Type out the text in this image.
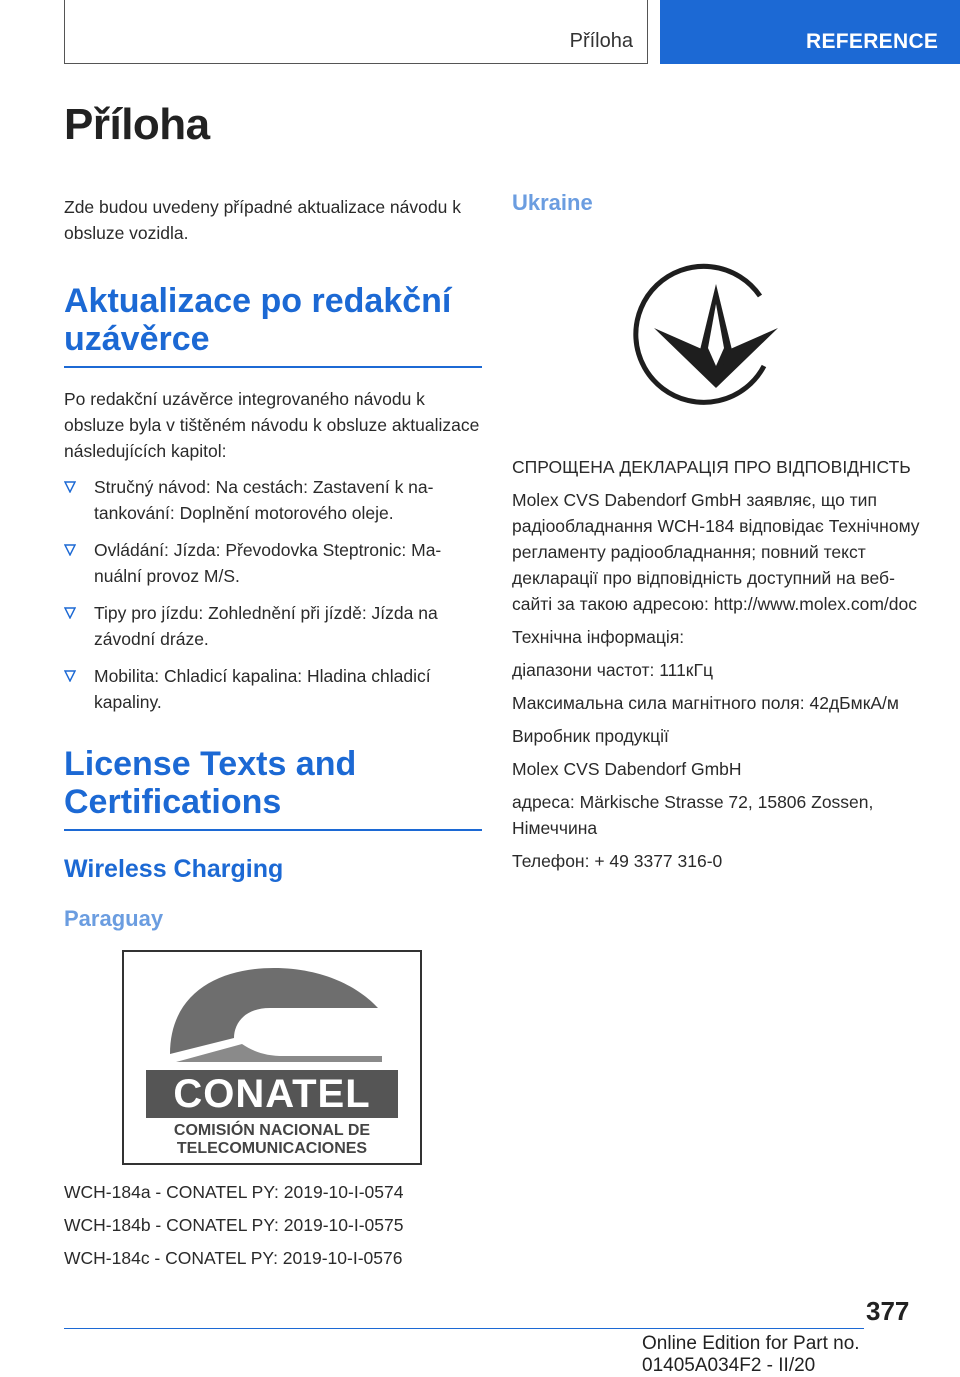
Příloha	REFERENCE
Příloha

Zde budou uvedeny případné aktualizace návodu k obsluze vozidla.

Aktualizace po redakční
uzávěrce

Po redakční uzávěrce integrovaného návodu k obsluze byla v tištěném návodu k obsluze aktualizace následujících kapitol:

Stručný návod: Na cestách: Zastavení k natankování: Doplnění motorového oleje.
Ovládání: Jízda: Převodovka Steptronic: Manuální provoz M/S.
Tipy pro jízdu: Zohlednění při jízdě: Jízda na závodní dráze.
Mobilita: Chladicí kapalina: Hladina chladicí kapaliny.
License Texts and
Certifications
Wireless Charging
Paraguay
CONATEL
COMISIÓN NACIONAL DE
TELECOMUNICACIONES

WCH-184a - CONATEL PY: 2019-10-I-0574

WCH-184b - CONATEL PY: 2019-10-I-0575

WCH-184c - CONATEL PY: 2019-10-I-0576

Ukraine

СПРОЩЕНА ДЕКЛАРАЦІЯ ПРО ВІДПОВІДНІСТЬ

Molex CVS Dabendorf GmbH заявляє, що тип радіообладнання WCH-184 відповідає Технічному регламенту радіообладнання; повний текст декларації про відповідність доступний на веб-сайті за такою адресою: http://www.molex.com/doc

Технічна інформація:

діапазони частот: 111кГц

Максимальна сила магнітного поля: 42дБмкА/м

Виробник продукції

Molex CVS Dabendorf GmbH

адреса: Märkische Strasse 72, 15806 Zossen, Німеччина

Телефон: + 49 3377 316-0

377
Online Edition for Part no. 01405A034F2 - II/20
